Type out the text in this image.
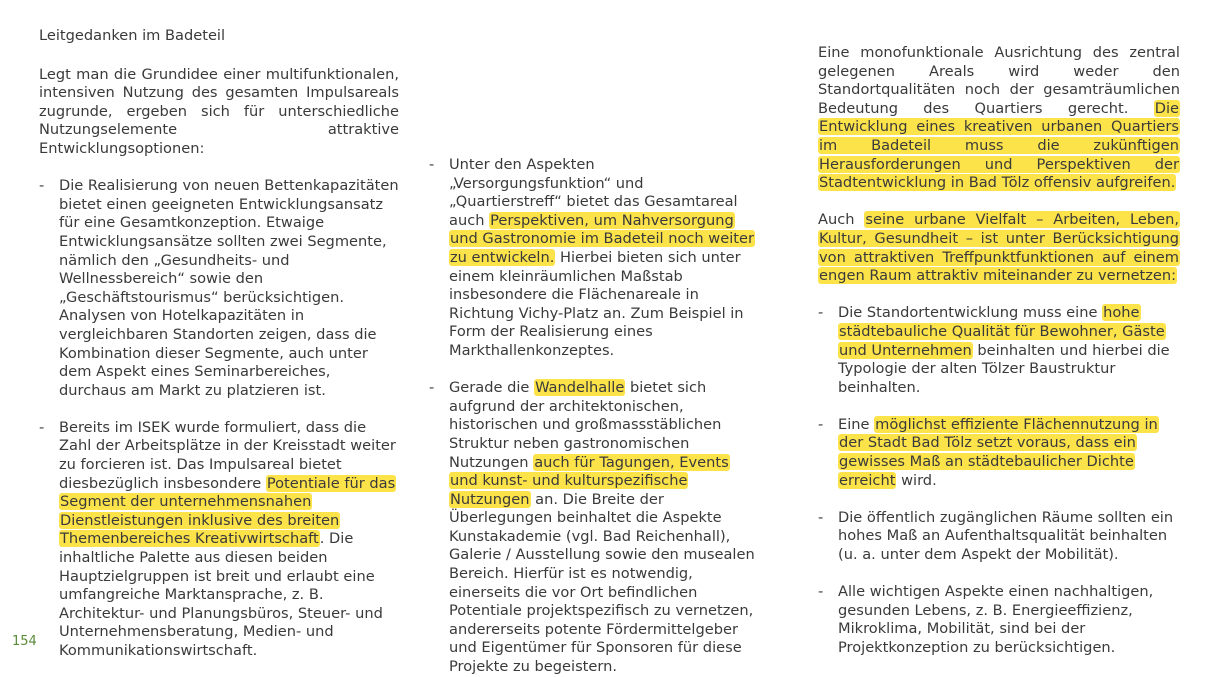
Leitgedanken im Badeteil

Legt man die Grundidee einer multifunktionalen, intensiven Nutzung des gesamten Impulsareals zugrunde, ergeben sich für unterschiedliche Nutzungselemente attraktive Entwicklungsoptionen:

- Die Realisierung von neuen Bettenkapazitäten bietet einen geeigneten Entwicklungsansatz für eine Gesamtkonzeption. Etwaige Entwicklungsansätze sollten zwei Segmente, nämlich den „Gesundheits- und Wellnessbereich“ sowie den „Geschäftstourismus“ berücksichtigen. Analysen von Hotelkapazitäten in vergleichbaren Standorten zeigen, dass die Kombination dieser Segmente, auch unter dem Aspekt eines Seminarbereiches, durchaus am Markt zu platzieren ist.
- Bereits im ISEK wurde formuliert, dass die Zahl der Arbeitsplätze in der Kreisstadt weiter zu forcieren ist. Das Impulsareal bietet diesbezüglich insbesondere Potentiale für das Segment der unternehmensnahen Dienstleistungen inklusive des breiten Themenbereiches Kreativwirtschaft. Die inhaltliche Palette aus diesen beiden Hauptzielgruppen ist breit und erlaubt eine umfangreiche Marktansprache, z. B. Architektur- und Planungsbüros, Steuer- und Unternehmensberatung, Medien- und Kommunikationswirtschaft.
- Unter den Aspekten „Versorgungsfunktion“ und „Quartierstreff“ bietet das Gesamtareal auch Perspektiven, um Nahversorgung und Gastronomie im Badeteil noch weiter zu entwickeln. Hierbei bieten sich unter einem kleinräumlichen Maßstab insbesondere die Flächenareale in Richtung Vichy-Platz an. Zum Beispiel in Form der Realisierung eines Markthallenkonzeptes.
- Gerade die Wandelhalle bietet sich aufgrund der architektonischen, historischen und großmassstäblichen Struktur neben gastronomischen Nutzungen auch für Tagungen, Events und kunst- und kulturspezifische Nutzungen an. Die Breite der Überlegungen beinhaltet die Aspekte Kunstakademie (vgl. Bad Reichenhall), Galerie / Ausstellung sowie den musealen Bereich. Hierfür ist es notwendig, einerseits die vor Ort befindlichen Potentiale projektspezifisch zu vernetzen, andererseits potente Fördermittelgeber und Eigentümer für Sponsoren für diese Projekte zu begeistern.

Eine monofunktionale Ausrichtung des zentral gelegenen Areals wird weder den Standortqualitäten noch der gesamträumlichen Bedeutung des Quartiers gerecht. Die Entwicklung eines kreativen urbanen Quartiers im Badeteil muss die zukünftigen Herausforderungen und Perspektiven der Stadtentwicklung in Bad Tölz offensiv aufgreifen.

Auch seine urbane Vielfalt – Arbeiten, Leben, Kultur, Gesundheit – ist unter Berücksichtigung von attraktiven Treffpunktfunktionen auf einem engen Raum attraktiv miteinander zu vernetzen:

- Die Standortentwicklung muss eine hohe städtebauliche Qualität für Bewohner, Gäste und Unternehmen beinhalten und hierbei die Typologie der alten Tölzer Baustruktur beinhalten.
- Eine möglichst effiziente Flächennutzung in der Stadt Bad Tölz setzt voraus, dass ein gewisses Maß an städtebaulicher Dichte erreicht wird.
- Die öffentlich zugänglichen Räume sollten ein hohes Maß an Aufenthaltsqualität beinhalten (u. a. unter dem Aspekt der Mobilität).
- Alle wichtigen Aspekte einen nachhaltigen, gesunden Lebens, z. B. Energieeffizienz, Mikroklima, Mobilität, sind bei der Projektkonzeption zu berücksichtigen.
154
